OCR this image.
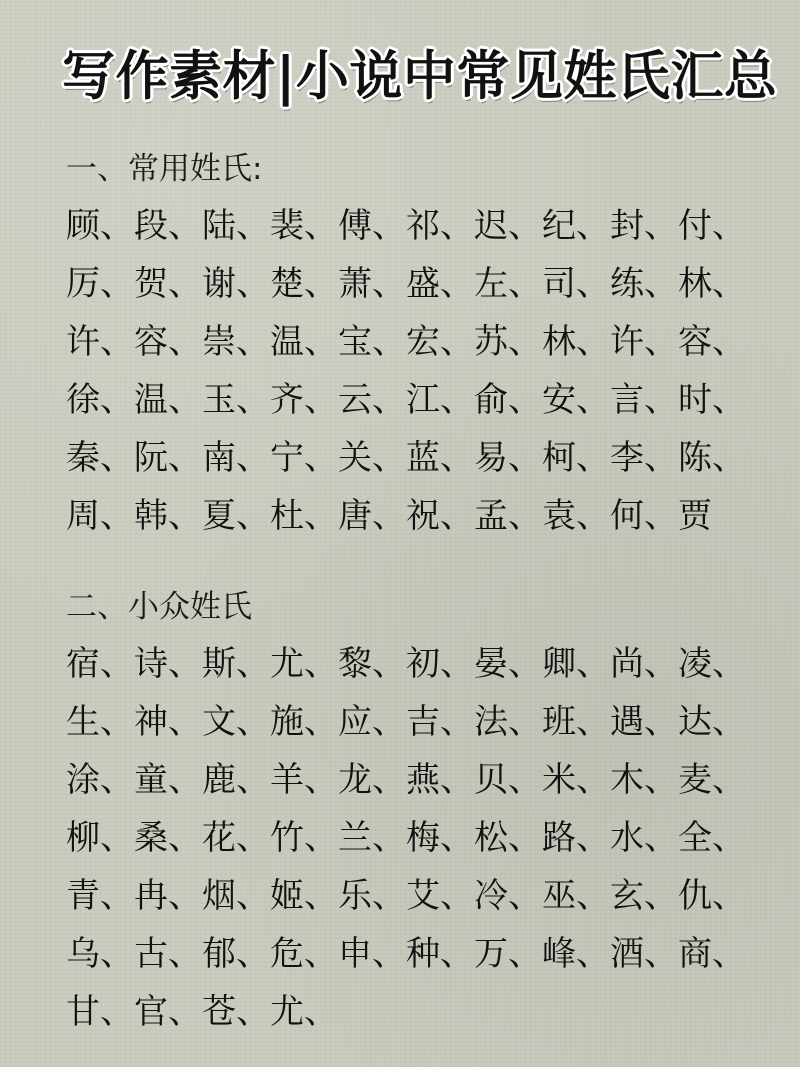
写作素材|小说中常见姓氏汇总
一、常用姓氏:
顾、段、陆、裴、傅、祁、迟、纪、封、付、
厉、贺、谢、楚、萧、盛、左、司、练、林、
许、容、崇、温、宝、宏、苏、林、许、容、
徐、温、玉、齐、云、江、俞、安、言、时、
秦、阮、南、宁、关、蓝、易、柯、李、陈、
周、韩、夏、杜、唐、祝、孟、袁、何、贾
二、小众姓氏
宿、诗、斯、尤、黎、初、晏、卿、尚、凌、
生、神、文、施、应、吉、法、班、遇、达、
涂、童、鹿、羊、龙、燕、贝、米、木、麦、
柳、桑、花、竹、兰、梅、松、路、水、全、
青、冉、烟、姬、乐、艾、冷、巫、玄、仇、
乌、古、郁、危、申、种、万、峰、酒、商、
甘、官、苍、尤、
